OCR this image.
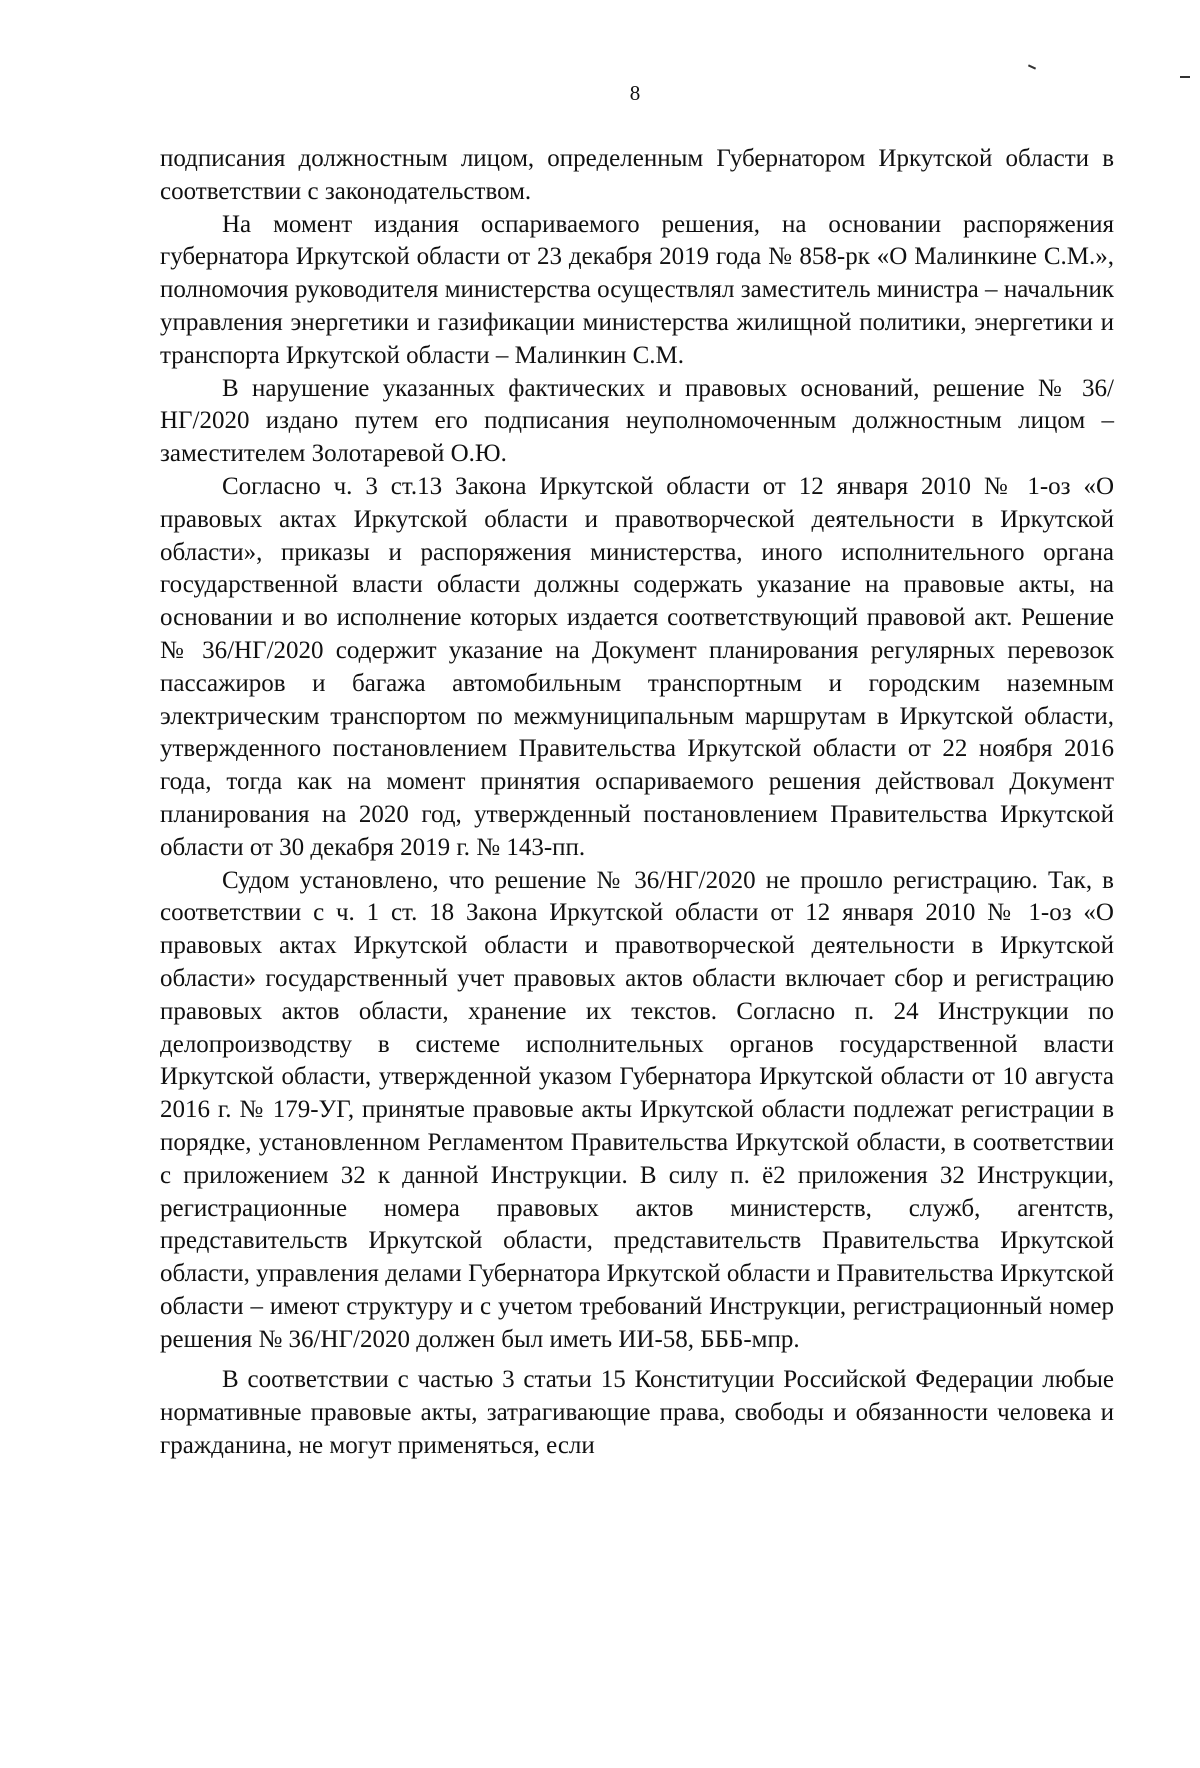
8

подписания должностным лицом, определенным Губернатором Иркутской области в соответствии с законодательством.

На момент издания оспариваемого решения, на основании распоряжения губернатора Иркутской области от 23 декабря 2019 года № 858-рк «О Малинкине С.М.», полномочия руководителя министерства осуществлял заместитель министра – начальник управления энергетики и газификации министерства жилищной политики, энергетики и транспорта Иркутской области – Малинкин С.М.

В нарушение указанных фактических и правовых оснований, решение № 36/НГ/2020 издано путем его подписания неуполномоченным должностным лицом – заместителем Золотаревой О.Ю.

Согласно ч. 3 ст.13 Закона Иркутской области от 12 января 2010 № 1-оз «О правовых актах Иркутской области и правотворческой деятельности в Иркутской области», приказы и распоряжения министерства, иного исполнительного органа государственной власти области должны содержать указание на правовые акты, на основании и во исполнение которых издается соответствующий правовой акт. Решение № 36/НГ/2020 содержит указание на Документ планирования регулярных перевозок пассажиров и багажа автомобильным транспортным и городским наземным электрическим транспортом по межмуниципальным маршрутам в Иркутской области, утвержденного постановлением Правительства Иркутской области от 22 ноября 2016 года, тогда как на момент принятия оспариваемого решения действовал Документ планирования на 2020 год, утвержденный постановлением Правительства Иркутской области от 30 декабря 2019 г. № 143-пп.

Судом установлено, что решение № 36/НГ/2020 не прошло регистрацию. Так, в соответствии с ч. 1 ст. 18 Закона Иркутской области от 12 января 2010 № 1-оз «О правовых актах Иркутской области и правотворческой деятельности в Иркутской области» государственный учет правовых актов области включает сбор и регистрацию правовых актов области, хранение их текстов. Согласно п. 24 Инструкции по делопроизводству в системе исполнительных органов государственной власти Иркутской области, утвержденной указом Губернатора Иркутской области от 10 августа 2016 г. № 179-УГ, принятые правовые акты Иркутской области подлежат регистрации в порядке, установленном Регламентом Правительства Иркутской области, в соответствии с приложением 32 к данной Инструкции. В силу п. ё2 приложения 32 Инструкции, регистрационные номера правовых актов министерств, служб, агентств, представительств Иркутской области, представительств Правительства Иркутской области, управления делами Губернатора Иркутской области и Правительства Иркутской области – имеют структуру и с учетом требований Инструкции, регистрационный номер решения № 36/НГ/2020 должен был иметь ИИ-58, БББ-мпр.

В соответствии с частью 3 статьи 15 Конституции Российской Федерации любые нормативные правовые акты, затрагивающие права, свободы и обязанности человека и гражданина, не могут применяться, если
